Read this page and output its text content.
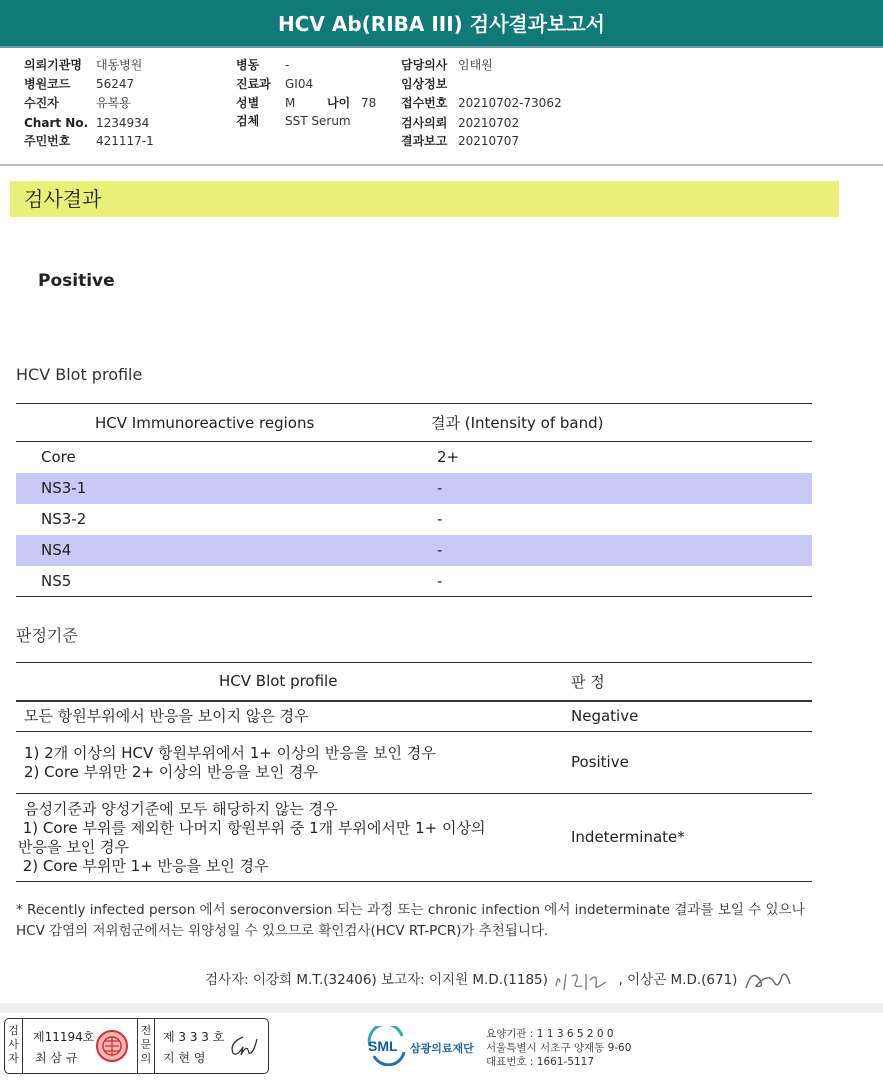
HCV Ab(RIBA III) 검사결과보고서
의뢰기관명 대동병원
병원코드 56247
수진자	유복용
Chart No. 1234934
주민번호 421117-1
병동 -
진료과 GI04
성별 M	나이 78
검체 SST Serum
담당의사 임태원
임상정보
접수번호 20210702-73062
검사의뢰 20210702
결과보고 20210707
검사결과
Positive
HCV Blot profile
HCV Immunoreactive regions	결과 (Intensity of band)
Core	2+
NS3-1	-
NS3-2	-
NS4	-
NS5	-
판정기준
HCV Blot profile	판 정

모든 항원부위에서 반응을 보이지 않은 경우	Negative

1) 2개 이상의 HCV 항원부위에서 1+ 이상의 반응을 보인 경우
2) Core 부위만 2+ 이상의 반응을 보인 경우	Positive

음성기준과 양성기준에 모두 해당하지 않는 경우
1) Core 부위를 제외한 나머지 항원부위 중 1개 부위에서만 1+ 이상의
반응을 보인 경우
2) Core 부위만 1+ 반응을 보인 경우	Indeterminate*
* Recently infected person 에서 seroconversion 되는 과정 또는 chronic infection 에서 indeterminate 결과를 보일 수 있으나 HCV 감염의 저위험군에서는 위양성일 수 있으므로 확인검사(HCV RT-PCR)가 추천됩니다.
검사자: 이강희 M.T.(32406) 보고자: 이지원 M.D.(1185)	, 이상곤 M.D.(671)
검사자
제11194호
최 삼 규
전문의
제 3 3 3 호
지 현 영
SML 삼광의료재단
요양기관 : 1 1 3 6 5 2 0 0
서울특별시 서초구 양재동 9-60
대표번호 : 1661-5117
